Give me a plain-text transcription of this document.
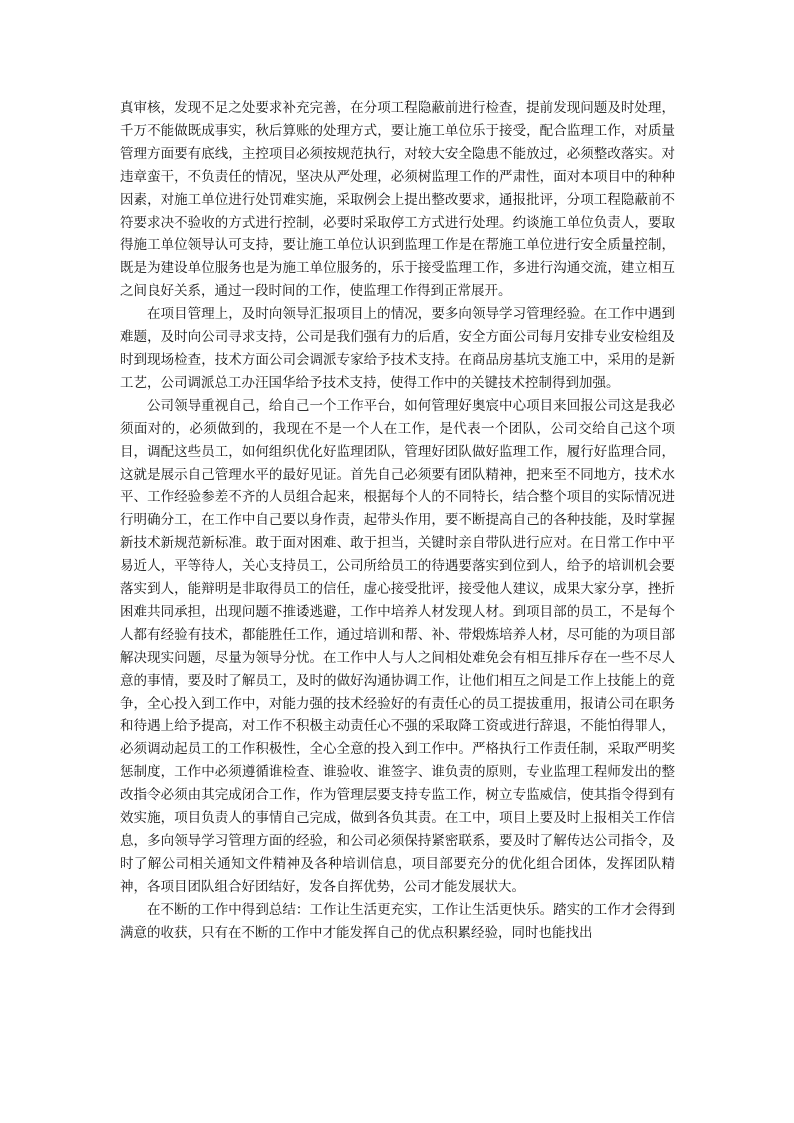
真审核，发现不足之处要求补充完善，在分项工程隐蔽前进行检查，提前发现问题及时处理，千万不能做既成事实，秋后算账的处理方式，要让施工单位乐于接受，配合监理工作，对质量管理方面要有底线，主控项目必须按规范执行，对较大安全隐患不能放过，必须整改落实。对违章蛮干，不负责任的情况，坚决从严处理，必须树监理工作的严肃性，面对本项目中的种种因素，对施工单位进行处罚难实施，采取例会上提出整改要求，通报批评，分项工程隐蔽前不符要求决不验收的方式进行控制，必要时采取停工方式进行处理。约谈施工单位负责人，要取得施工单位领导认可支持，要让施工单位认识到监理工作是在帮施工单位进行安全质量控制，既是为建设单位服务也是为施工单位服务的，乐于接受监理工作，多进行沟通交流，建立相互之间良好关系，通过一段时间的工作，使监理工作得到正常展开。

在项目管理上，及时向领导汇报项目上的情况，要多向领导学习管理经验。在工作中遇到难题，及时向公司寻求支持，公司是我们强有力的后盾，安全方面公司每月安排专业安检组及时到现场检查，技术方面公司会调派专家给予技术支持。在商品房基坑支施工中，采用的是新工艺，公司调派总工办汪国华给予技术支持，使得工作中的关键技术控制得到加强。

公司领导重视自己，给自己一个工作平台，如何管理好奥宸中心项目来回报公司这是我必须面对的，必须做到的，我现在不是一个人在工作，是代表一个团队，公司交给自己这个项目，调配这些员工，如何组织优化好监理团队，管理好团队做好监理工作，履行好监理合同，这就是展示自己管理水平的最好见证。首先自己必须要有团队精神，把来至不同地方，技术水平、工作经验参差不齐的人员组合起来，根据每个人的不同特长，结合整个项目的实际情况进行明确分工，在工作中自己要以身作责，起带头作用，要不断提高自己的各种技能，及时掌握新技术新规范新标准。敢于面对困难、敢于担当，关键时亲自带队进行应对。在日常工作中平易近人，平等待人，关心支持员工，公司所给员工的待遇要落实到位到人，给予的培训机会要落实到人，能辩明是非取得员工的信任，虚心接受批评，接受他人建议，成果大家分享，挫折困难共同承担，出现问题不推诿逃避，工作中培养人材发现人材。到项目部的员工，不是每个人都有经验有技术，都能胜任工作，通过培训和帮、补、带煅炼培养人材，尽可能的为项目部解决现实问题，尽量为领导分忧。在工作中人与人之间相处难免会有相互排斥存在一些不尽人意的事情，要及时了解员工，及时的做好沟通协调工作，让他们相互之间是工作上技能上的竟争，全心投入到工作中，对能力强的技术经验好的有责任心的员工提拔重用，报请公司在职务和待遇上给予提高，对工作不积极主动责任心不强的采取降工资或进行辞退，不能怕得罪人，必须调动起员工的工作积极性，全心全意的投入到工作中。严格执行工作责任制，采取严明奖惩制度，工作中必须遵循谁检查、谁验收、谁签字、谁负责的原则，专业监理工程师发出的整改指令必须由其完成闭合工作，作为管理层要支持专监工作，树立专监威信，使其指令得到有效实施，项目负责人的事情自己完成，做到各负其责。在工中，项目上要及时上报相关工作信息，多向领导学习管理方面的经验，和公司必须保持紧密联系，要及时了解传达公司指令，及时了解公司相关通知文件精神及各种培训信息，项目部要充分的优化组合团体，发挥团队精神，各项目团队组合好团结好，发各自挥优势，公司才能发展状大。

在不断的工作中得到总结：工作让生活更充实，工作让生活更快乐。踏实的工作才会得到满意的收获，只有在不断的工作中才能发挥自己的优点积累经验，同时也能找出
